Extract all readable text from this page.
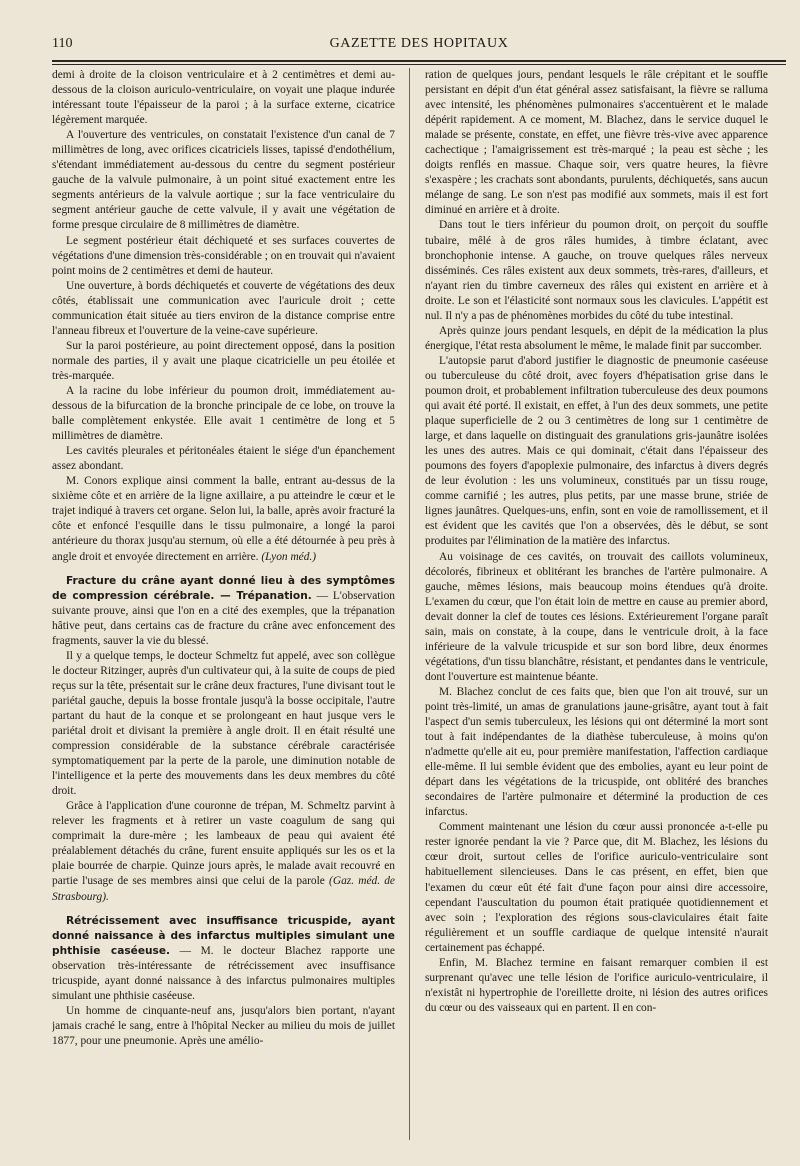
110	GAZETTE DES HOPITAUX

demi à droite de la cloison ventriculaire et à 2 centimètres et demi au-dessous de la cloison auriculo-ventriculaire, on voyait une plaque indurée intéressant toute l'épaisseur de la paroi ; à la surface externe, cicatrice légèrement marquée.

A l'ouverture des ventricules, on constatait l'existence d'un canal de 7 millimètres de long, avec orifices cicatriciels lisses, tapissé d'endothélium, s'étendant immédiatement au-dessous du centre du segment postérieur gauche de la valvule pulmonaire, à un point situé exactement entre les segments antérieurs de la valvule aortique ; sur la face ventriculaire du segment antérieur gauche de cette valvule, il y avait une végétation de forme presque circulaire de 8 millimètres de diamètre.

Le segment postérieur était déchiqueté et ses surfaces couvertes de végétations d'une dimension très-considérable ; on en trouvait qui n'avaient point moins de 2 centimètres et demi de hauteur.

Une ouverture, à bords déchiquetés et couverte de végétations des deux côtés, établissait une communication avec l'auricule droit ; cette communication était située au tiers environ de la distance comprise entre l'anneau fibreux et l'ouverture de la veine-cave supérieure.

Sur la paroi postérieure, au point directement opposé, dans la position normale des parties, il y avait une plaque cicatricielle un peu étoilée et très-marquée.

A la racine du lobe inférieur du poumon droit, immédiatement au-dessous de la bifurcation de la bronche principale de ce lobe, on trouve la balle complètement enkystée. Elle avait 1 centimètre de long et 5 millimètres de diamètre.

Les cavités pleurales et péritonéales étaient le siége d'un épanchement assez abondant.

M. Conors explique ainsi comment la balle, entrant au-dessus de la sixième côte et en arrière de la ligne axillaire, a pu atteindre le cœur et le trajet indiqué à travers cet organe. Selon lui, la balle, après avoir fracturé la côte et enfoncé l'esquille dans le tissu pulmonaire, a longé la paroi antérieure du thorax jusqu'au sternum, où elle a été détournée à peu près à angle droit et envoyée directement en arrière. (Lyon méd.)

Fracture du crâne ayant donné lieu à des symptômes de compression cérébrale. — Trépanation. — L'observation suivante prouve, ainsi que l'on en a cité des exemples, que la trépanation hâtive peut, dans certains cas de fracture du crâne avec enfoncement des fragments, sauver la vie du blessé.

Il y a quelque temps, le docteur Schmeltz fut appelé, avec son collègue le docteur Ritzinger, auprès d'un cultivateur qui, à la suite de coups de pied reçus sur la tête, présentait sur le crâne deux fractures, l'une divisant tout le pariétal gauche, depuis la bosse frontale jusqu'à la bosse occipitale, l'autre partant du haut de la conque et se prolongeant en haut jusque vers le pariétal droit et divisant la première à angle droit. Il en était résulté une compression considérable de la substance cérébrale caractérisée symptomatiquement par la perte de la parole, une diminution notable de l'intelligence et la perte des mouvements dans les deux membres du côté droit.

Grâce à l'application d'une couronne de trépan, M. Schmeltz parvint à relever les fragments et à retirer un vaste coagulum de sang qui comprimait la dure-mère ; les lambeaux de peau qui avaient été préalablement détachés du crâne, furent ensuite appliqués sur les os et la plaie bourrée de charpie. Quinze jours après, le malade avait recouvré en partie l'usage de ses membres ainsi que celui de la parole (Gaz. méd. de Strasbourg).

Rétrécissement avec insuffisance tricuspide, ayant donné naissance à des infarctus multiples simulant une phthisie caséeuse. — M. le docteur Blachez rapporte une observation très-intéressante de rétrécissement avec insuffisance tricuspide, ayant donné naissance à des infarctus pulmonaires multiples simulant une phthisie caséeuse.

Un homme de cinquante-neuf ans, jusqu'alors bien portant, n'ayant jamais craché le sang, entre à l'hôpital Necker au milieu du mois de juillet 1877, pour une pneumonie. Après une amélio-

ration de quelques jours, pendant lesquels le râle crépitant et le souffle persistant en dépit d'un état général assez satisfaisant, la fièvre se ralluma avec intensité, les phénomènes pulmonaires s'accentuèrent et le malade dépérit rapidement. A ce moment, M. Blachez, dans le service duquel le malade se présente, constate, en effet, une fièvre très-vive avec apparence cachectique ; l'amaigrissement est très-marqué ; la peau est sèche ; les doigts renflés en massue. Chaque soir, vers quatre heures, la fièvre s'exaspère ; les crachats sont abondants, purulents, déchiquetés, sans aucun mélange de sang. Le son n'est pas modifié aux sommets, mais il est fort diminué en arrière et à droite.

Dans tout le tiers inférieur du poumon droit, on perçoit du souffle tubaire, mêlé à de gros râles humides, à timbre éclatant, avec bronchophonie intense. A gauche, on trouve quelques râles nerveux disséminés. Ces râles existent aux deux sommets, très-rares, d'ailleurs, et n'ayant rien du timbre caverneux des râles qui existent en arrière et à droite. Le son et l'élasticité sont normaux sous les clavicules. L'appétit est nul. Il n'y a pas de phénomènes morbides du côté du tube intestinal.

Après quinze jours pendant lesquels, en dépit de la médication la plus énergique, l'état resta absolument le même, le malade finit par succomber.

L'autopsie parut d'abord justifier le diagnostic de pneumonie caséeuse ou tuberculeuse du côté droit, avec foyers d'hépatisation grise dans le poumon droit, et probablement infiltration tuberculeuse des deux poumons qui avait été porté. Il existait, en effet, à l'un des deux sommets, une petite plaque superficielle de 2 ou 3 centimètres de long sur 1 centimètre de large, et dans laquelle on distinguait des granulations gris-jaunâtre isolées les unes des autres. Mais ce qui dominait, c'était dans l'épaisseur des poumons des foyers d'apoplexie pulmonaire, des infarctus à divers degrés de leur évolution : les uns volumineux, constitués par un tissu rouge, comme carnifié ; les autres, plus petits, par une masse brune, striée de lignes jaunâtres. Quelques-uns, enfin, sont en voie de ramollissement, et il est évident que les cavités que l'on a observées, dès le début, se sont produites par l'élimination de la matière des infarctus.

Au voisinage de ces cavités, on trouvait des caillots volumineux, décolorés, fibrineux et oblitérant les branches de l'artère pulmonaire. A gauche, mêmes lésions, mais beaucoup moins étendues qu'à droite. L'examen du cœur, que l'on était loin de mettre en cause au premier abord, devait donner la clef de toutes ces lésions. Extérieurement l'organe paraît sain, mais on constate, à la coupe, dans le ventricule droit, à la face inférieure de la valvule tricuspide et sur son bord libre, deux énormes végétations, d'un tissu blanchâtre, résistant, et pendantes dans le ventricule, dont l'ouverture est maintenue béante.

M. Blachez conclut de ces faits que, bien que l'on ait trouvé, sur un point très-limité, un amas de granulations jaune-grisâtre, ayant tout à fait l'aspect d'un semis tuberculeux, les lésions qui ont déterminé la mort sont tout à fait indépendantes de la diathèse tuberculeuse, à moins qu'on n'admette qu'elle ait eu, pour première manifestation, l'affection cardiaque elle-même. Il lui semble évident que des embolies, ayant eu leur point de départ dans les végétations de la tricuspide, ont oblitéré des branches secondaires de l'artère pulmonaire et déterminé la production de ces infarctus.

Comment maintenant une lésion du cœur aussi prononcée a-t-elle pu rester ignorée pendant la vie ? Parce que, dit M. Blachez, les lésions du cœur droit, surtout celles de l'orifice auriculo-ventriculaire sont habituellement silencieuses. Dans le cas présent, en effet, bien que l'examen du cœur eût été fait d'une façon pour ainsi dire accessoire, cependant l'auscultation du poumon était pratiquée quotidiennement et avec soin ; l'exploration des régions sous-claviculaires était faite régulièrement et un souffle cardiaque de quelque intensité n'aurait certainement pas échappé.

Enfin, M. Blachez termine en faisant remarquer combien il est surprenant qu'avec une telle lésion de l'orifice auriculo-ventriculaire, il n'existât ni hypertrophie de l'oreillette droite, ni lésion des autres orifices du cœur ou des vaisseaux qui en partent. Il en con-
